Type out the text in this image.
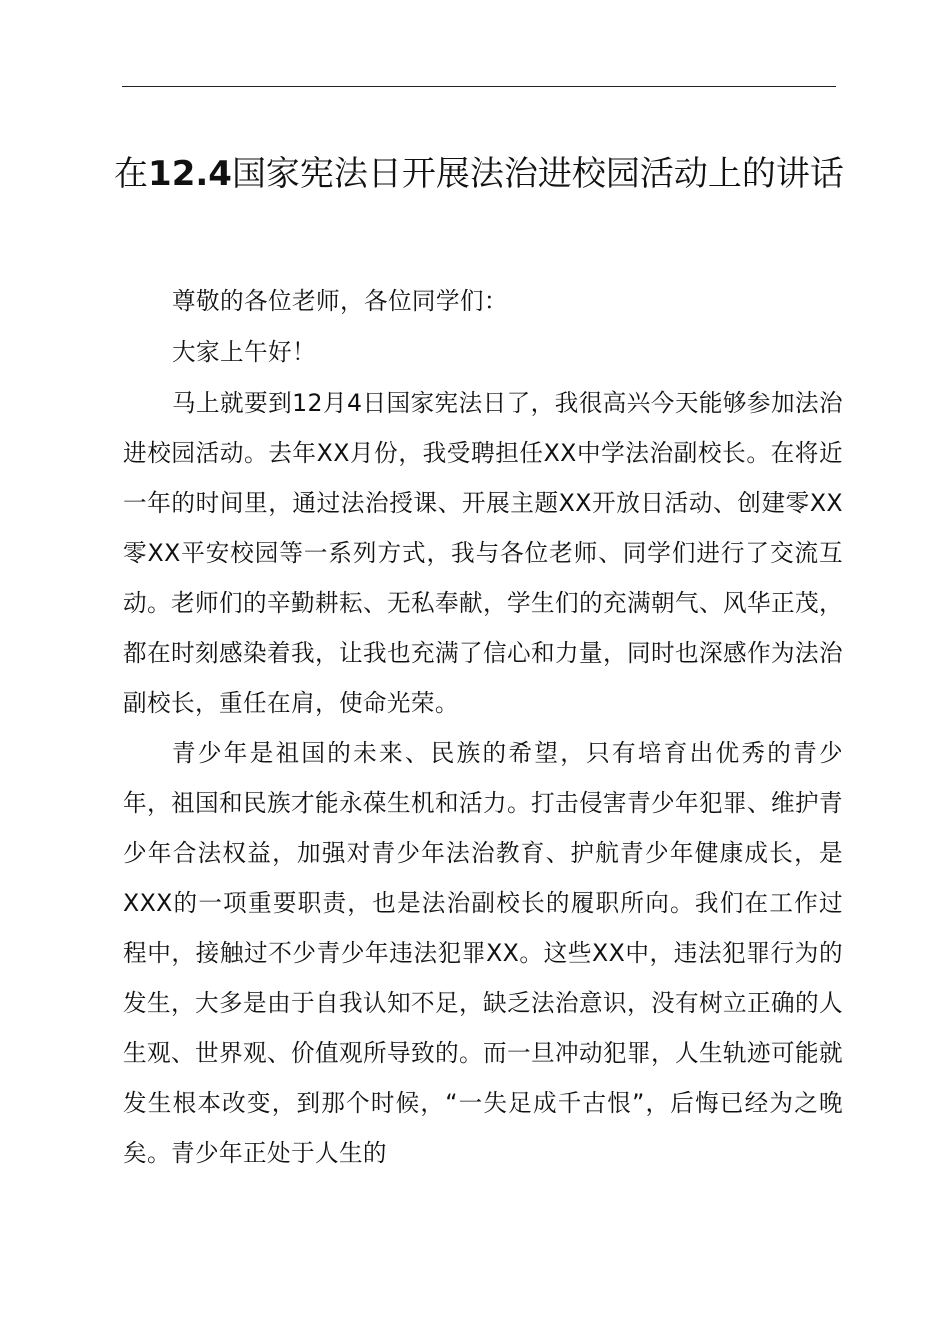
在12.4国家宪法日开展法治进校园活动上的讲话

尊敬的各位老师，各位同学们：

大家上午好！

马上就要到12月4日国家宪法日了，我很高兴今天能够参加法治进校园活动。去年XX月份，我受聘担任XX中学法治副校长。在将近一年的时间里，通过法治授课、开展主题XX开放日活动、创建零XX零XX平安校园等一系列方式，我与各位老师、同学们进行了交流互动。老师们的辛勤耕耘、无私奉献，学生们的充满朝气、风华正茂，都在时刻感染着我，让我也充满了信心和力量，同时也深感作为法治副校长，重任在肩，使命光荣。

青少年是祖国的未来、民族的希望，只有培育出优秀的青少年，祖国和民族才能永葆生机和活力。打击侵害青少年犯罪、维护青少年合法权益，加强对青少年法治教育、护航青少年健康成长，是XXX的一项重要职责，也是法治副校长的履职所向。我们在工作过程中，接触过不少青少年违法犯罪XX。这些XX中，违法犯罪行为的发生，大多是由于自我认知不足，缺乏法治意识，没有树立正确的人生观、世界观、价值观所导致的。而一旦冲动犯罪，人生轨迹可能就发生根本改变，到那个时候，“一失足成千古恨”，后悔已经为之晚矣。青少年正处于人生的
